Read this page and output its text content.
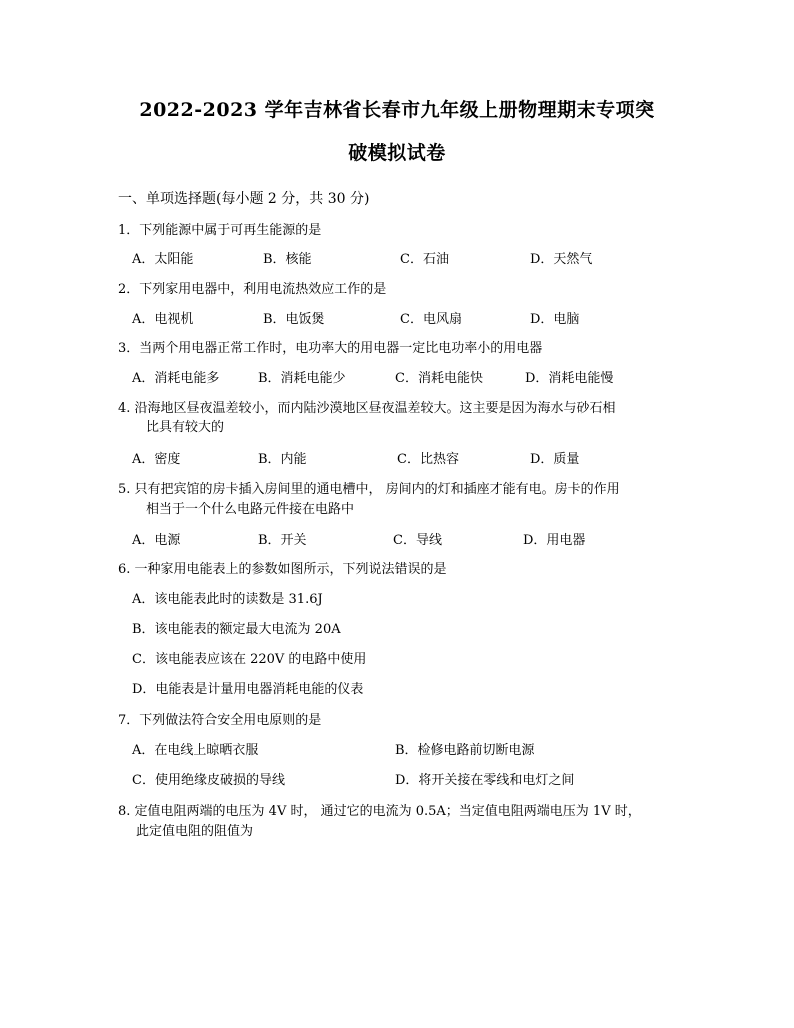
2022-2023 学年吉林省长春市九年级上册物理期末专项突
破模拟试卷
一、单项选择题(每小题 2 分，共 30 分)
1．下列能源中属于可再生能源的是
A．太阳能	B．核能	C．石油	D．天然气
2．下列家用电器中，利用电流热效应工作的是
A．电视机	B．电饭煲	C．电风扇	D．电脑
3．当两个用电器正常工作时，电功率大的用电器一定比电功率小的用电器
A．消耗电能多	B．消耗电能少	C．消耗电能快	D．消耗电能慢
4. 沿海地区昼夜温差较小，而内陆沙漠地区昼夜温差较大。这主要是因为海水与砂石相
比具有较大的
A．密度	B．内能	C．比热容	D．质量
5. 只有把宾馆的房卡插入房间里的通电槽中， 房间内的灯和插座才能有电。房卡的作用
相当于一个什么电路元件接在电路中
A．电源	B．开关	C．导线	D．用电器
6. 一种家用电能表上的参数如图所示，下列说法错误的是
A．该电能表此时的读数是 31.6J
B．该电能表的额定最大电流为 20A
C．该电能表应该在 220V 的电路中使用
D．电能表是计量用电器消耗电能的仪表
7．下列做法符合安全用电原则的是
A．在电线上晾晒衣服	B．检修电路前切断电源
C．使用绝缘皮破损的导线	D．将开关接在零线和电灯之间
8. 定值电阻两端的电压为 4V 时， 通过它的电流为 0.5A；当定值电阻两端电压为 1V 时，
此定值电阻的阻值为
